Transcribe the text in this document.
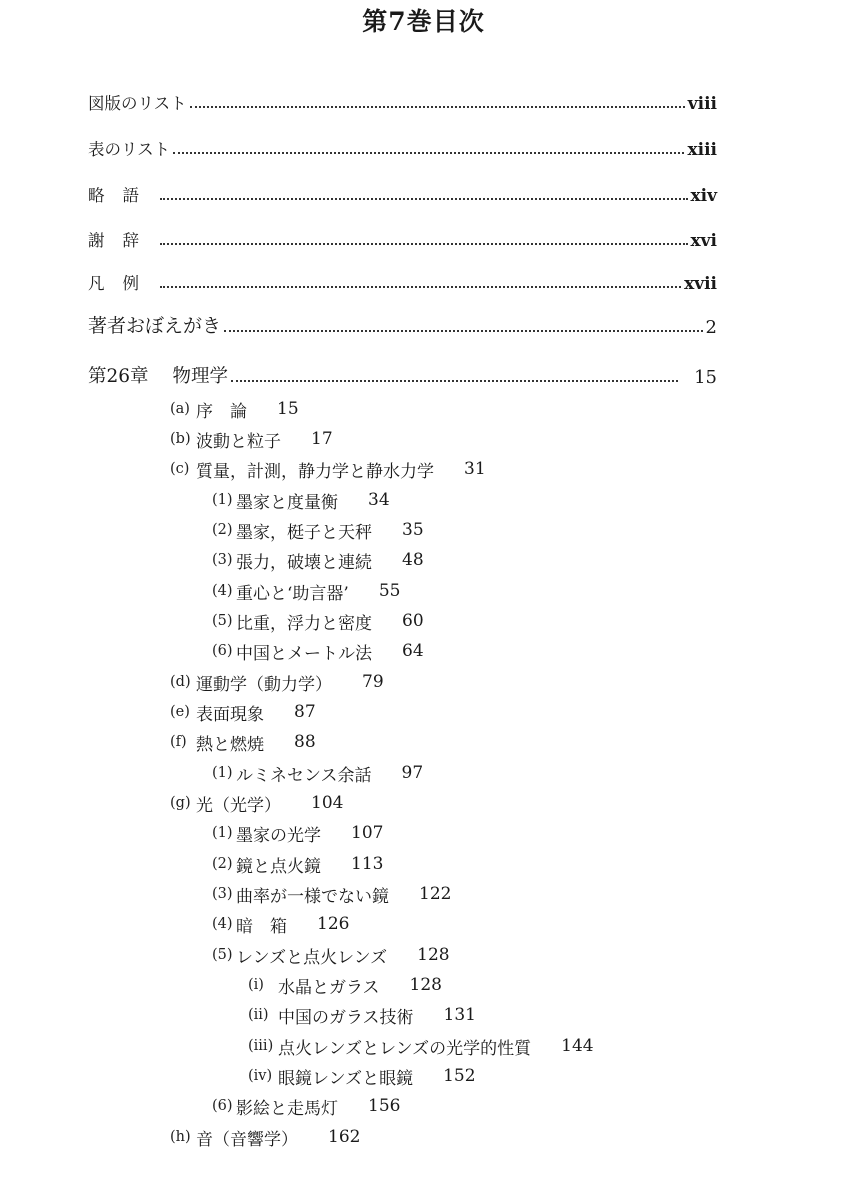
第7巻目次
図版のリスト	viii
表のリスト	xiii
略語	xiv
謝辞	xvi
凡例	xvii
著者おぼえがき	2
第26章 物理学	15
(a) 序　論 15
(b) 波動と粒子 17
(c) 質量，計測，静力学と静水力学 31
(1) 墨家と度量衡 34
(2) 墨家，梃子と天秤 35
(3) 張力，破壊と連続 48
(4) 重心と‘助言器’ 55
(5) 比重，浮力と密度 60
(6) 中国とメートル法 64
(d) 運動学（動力学） 79
(e) 表面現象 87
(f) 熱と燃焼 88
(1) ルミネセンス余話 97
(g) 光（光学） 104
(1) 墨家の光学 107
(2) 鏡と点火鏡 113
(3) 曲率が一様でない鏡 122
(4) 暗　箱 126
(5) レンズと点火レンズ 128
(i) 水晶とガラス 128
(ii) 中国のガラス技術 131
(iii) 点火レンズとレンズの光学的性質 144
(iv) 眼鏡レンズと眼鏡 152
(6) 影絵と走馬灯 156
(h) 音（音響学） 162
